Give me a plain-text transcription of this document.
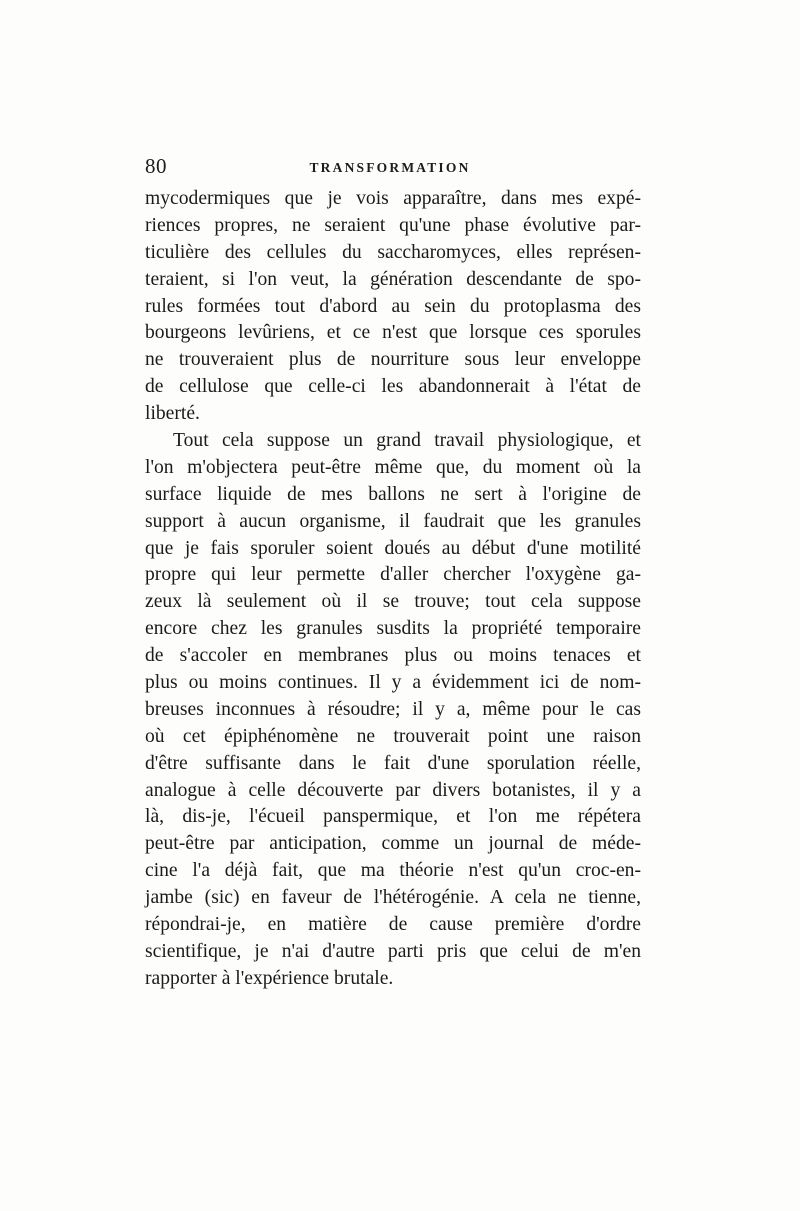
80	TRANSFORMATION
mycodermiques que je vois apparaître, dans mes expé-
riences propres, ne seraient qu'une phase évolutive par-
ticulière des cellules du saccharomyces, elles représen-
teraient, si l'on veut, la génération descendante de spo-
rules formées tout d'abord au sein du protoplasma des
bourgeons levûriens, et ce n'est que lorsque ces sporules
ne trouveraient plus de nourriture sous leur enveloppe
de cellulose que celle-ci les abandonnerait à l'état de
liberté.
Tout cela suppose un grand travail physiologique, et
l'on m'objectera peut-être même que, du moment où la
surface liquide de mes ballons ne sert à l'origine de
support à aucun organisme, il faudrait que les granules
que je fais sporuler soient doués au début d'une motilité
propre qui leur permette d'aller chercher l'oxygène ga-
zeux là seulement où il se trouve; tout cela suppose
encore chez les granules susdits la propriété temporaire
de s'accoler en membranes plus ou moins tenaces et
plus ou moins continues. Il y a évidemment ici de nom-
breuses inconnues à résoudre; il y a, même pour le cas
où cet épiphénomène ne trouverait point une raison
d'être suffisante dans le fait d'une sporulation réelle,
analogue à celle découverte par divers botanistes, il y a
là, dis-je, l'écueil panspermique, et l'on me répétera
peut-être par anticipation, comme un journal de méde-
cine l'a déjà fait, que ma théorie n'est qu'un croc-en-
jambe (sic) en faveur de l'hétérogénie. A cela ne tienne,
répondrai-je, en matière de cause première d'ordre
scientifique, je n'ai d'autre parti pris que celui de m'en
rapporter à l'expérience brutale.
